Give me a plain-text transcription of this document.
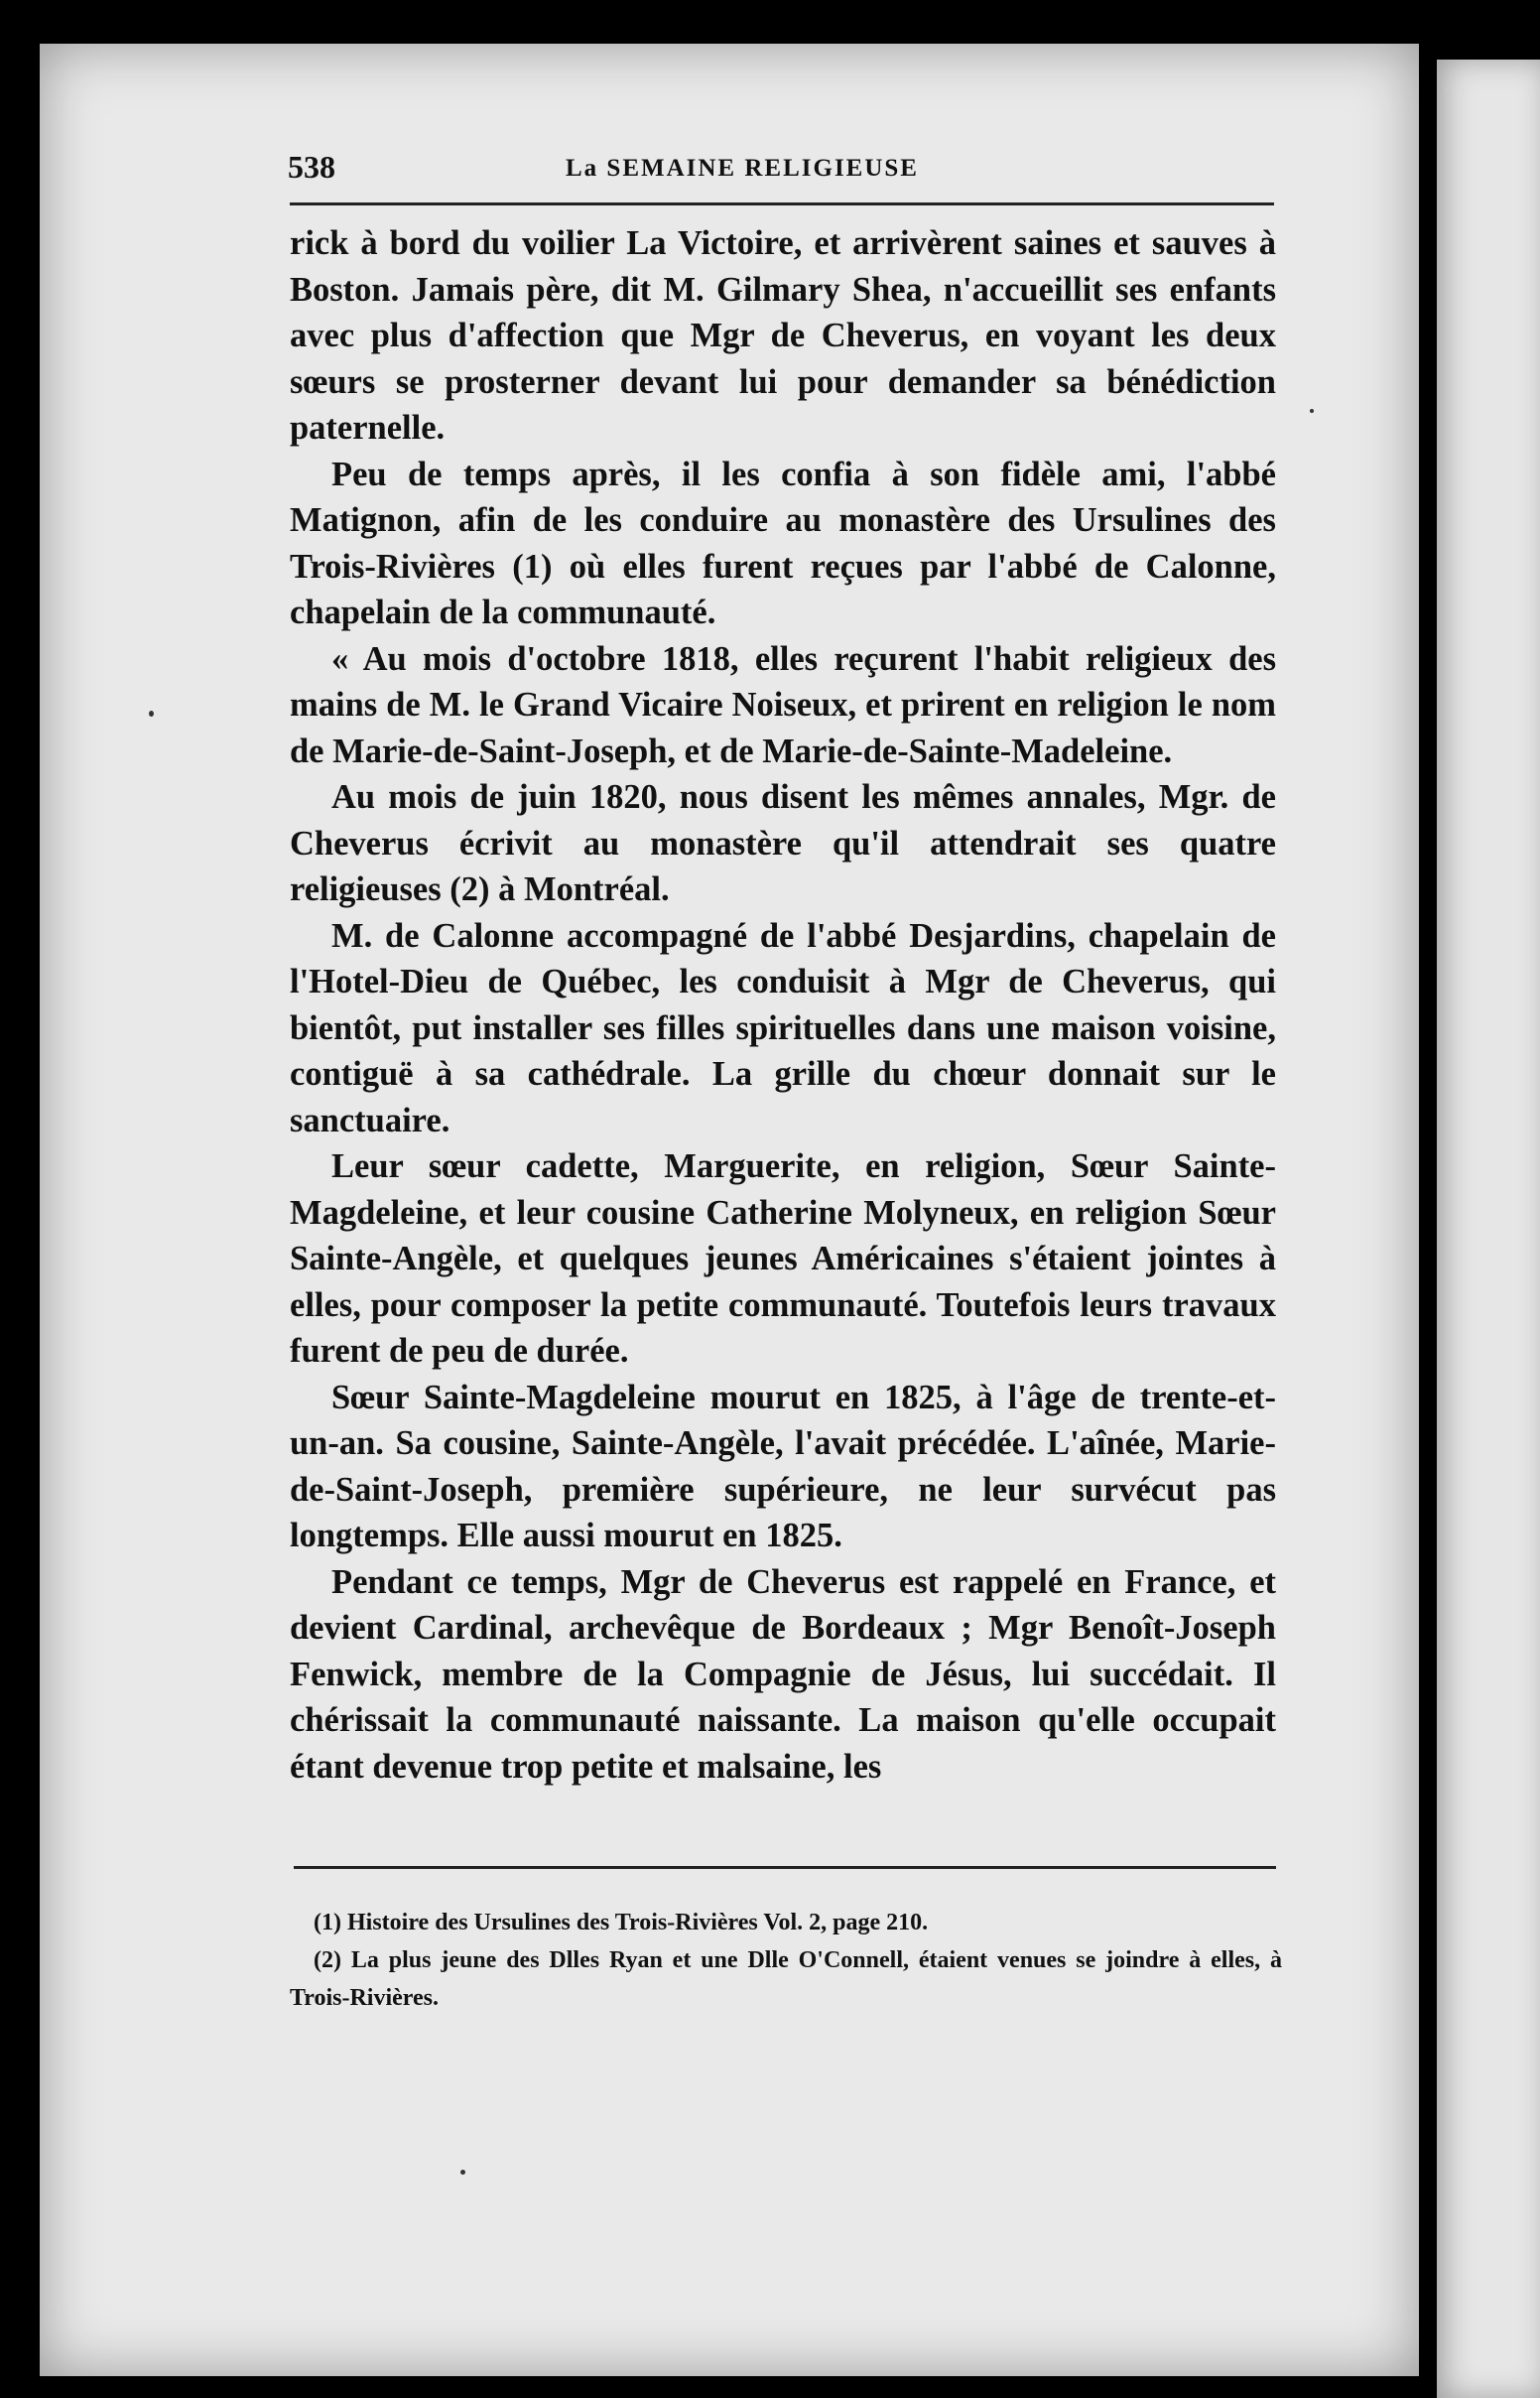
538	La SEMAINE RELIGIEUSE

rick à bord du voilier La Victoire, et arrivèrent saines et sauves à Boston. Jamais père, dit M. Gilmary Shea, n'accueillit ses enfants avec plus d'affection que Mgr de Cheverus, en voyant les deux sœurs se prosterner devant lui pour demander sa bénédiction paternelle.

Peu de temps après, il les confia à son fidèle ami, l'abbé Matignon, afin de les conduire au monastère des Ursulines des Trois-Rivières (1) où elles furent reçues par l'abbé de Calonne, chapelain de la communauté.

« Au mois d'octobre 1818, elles reçurent l'habit religieux des mains de M. le Grand Vicaire Noiseux, et prirent en religion le nom de Marie-de-Saint-Joseph, et de Marie-de-Sainte-Madeleine.

Au mois de juin 1820, nous disent les mêmes annales, Mgr. de Cheverus écrivit au monastère qu'il attendrait ses quatre religieuses (2) à Montréal.

M. de Calonne accompagné de l'abbé Desjardins, chapelain de l'Hotel-Dieu de Québec, les conduisit à Mgr de Cheverus, qui bientôt, put installer ses filles spirituelles dans une maison voisine, contiguë à sa cathédrale. La grille du chœur donnait sur le sanctuaire.

Leur sœur cadette, Marguerite, en religion, Sœur Sainte-Magdeleine, et leur cousine Catherine Molyneux, en religion Sœur Sainte-Angèle, et quelques jeunes Américaines s'étaient jointes à elles, pour composer la petite communauté. Toutefois leurs travaux furent de peu de durée.

Sœur Sainte-Magdeleine mourut en 1825, à l'âge de trente-et-un-an. Sa cousine, Sainte-Angèle, l'avait précédée. L'aînée, Marie-de-Saint-Joseph, première supérieure, ne leur survécut pas longtemps. Elle aussi mourut en 1825.

Pendant ce temps, Mgr de Cheverus est rappelé en France, et devient Cardinal, archevêque de Bordeaux ; Mgr Benoît-Joseph Fenwick, membre de la Compagnie de Jésus, lui succédait. Il chérissait la communauté naissante. La maison qu'elle occupait étant devenue trop petite et malsaine, les

(1) Histoire des Ursulines des Trois-Rivières Vol. 2, page 210.

(2) La plus jeune des Dlles Ryan et une Dlle O'Connell, étaient venues se joindre à elles, à Trois-Rivières.
